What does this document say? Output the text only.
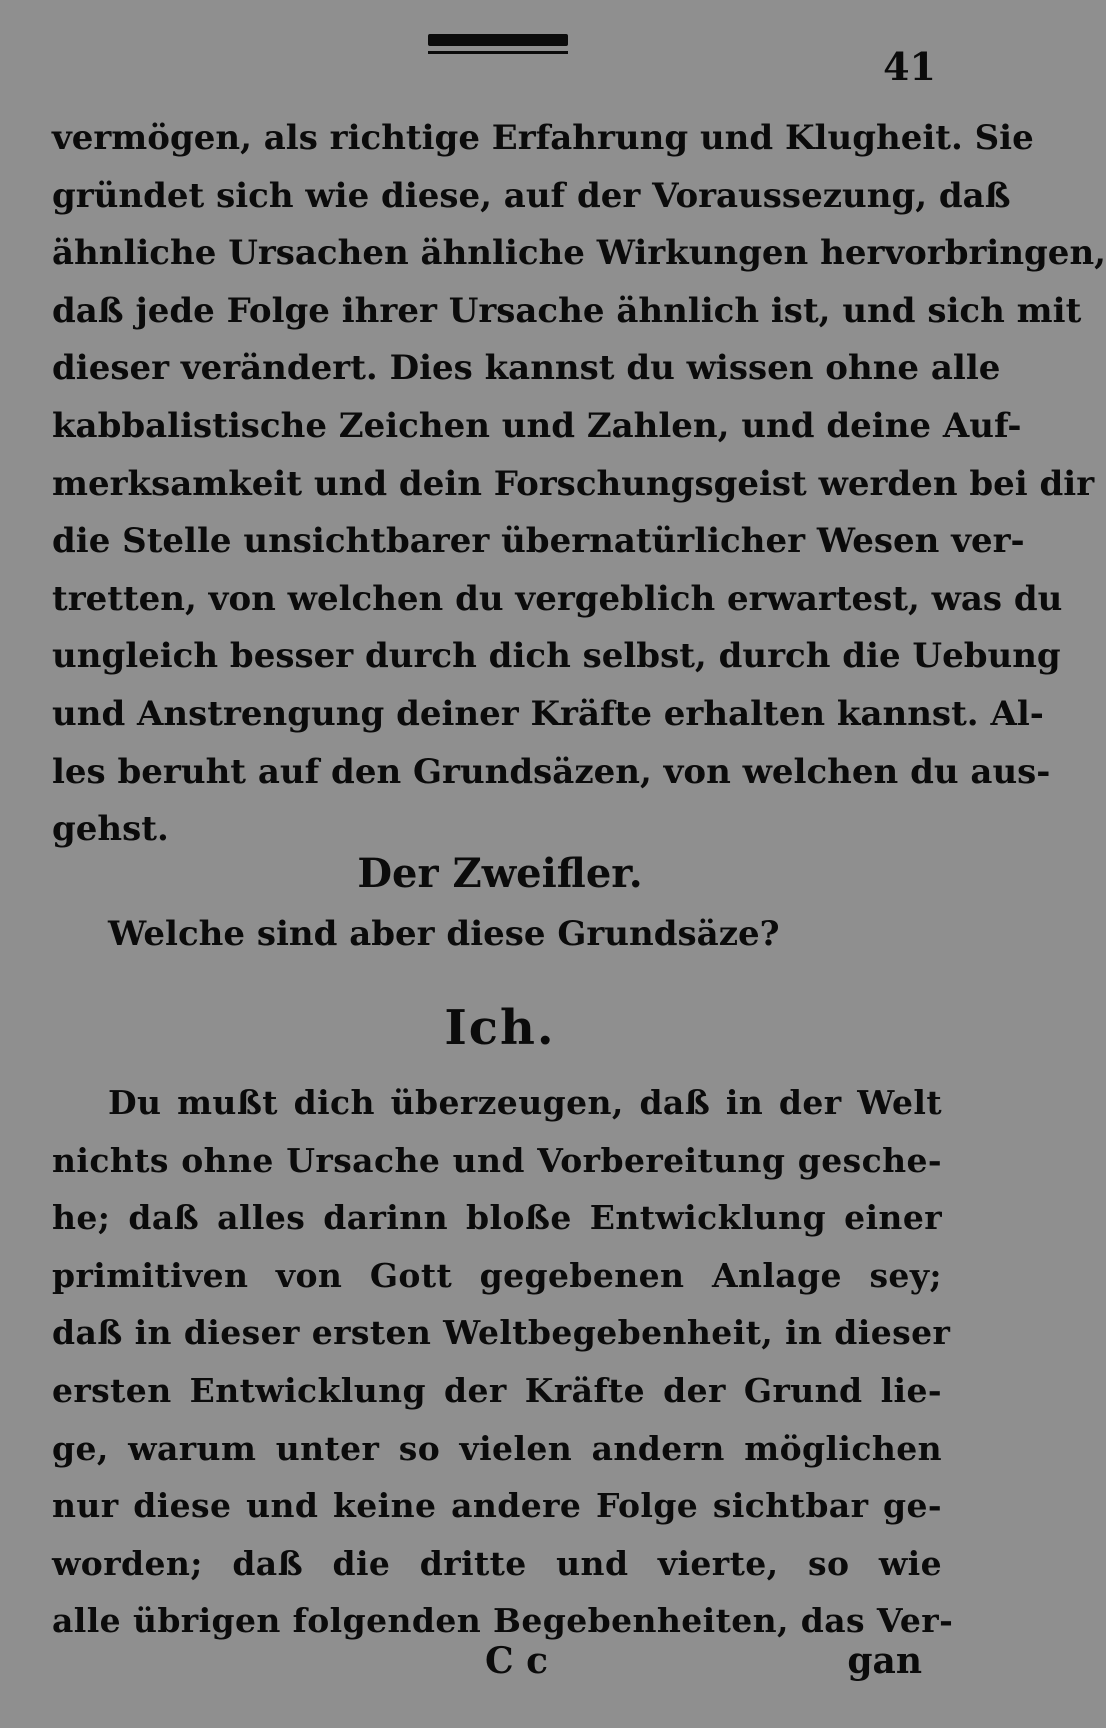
41
vermögen, als richtige Erfahrung und Klugheit. Sie
gründet sich wie diese, auf der Voraussezung, daß
ähnliche Ursachen ähnliche Wirkungen hervorbringen,
daß jede Folge ihrer Ursache ähnlich ist, und sich mit
dieser verändert. Dies kannst du wissen ohne alle
kabbalistische Zeichen und Zahlen, und deine Auf-
merksamkeit und dein Forschungsgeist werden bei dir
die Stelle unsichtbarer übernatürlicher Wesen ver-
tretten, von welchen du vergeblich erwartest, was du
ungleich besser durch dich selbst, durch die Uebung
und Anstrengung deiner Kräfte erhalten kannst. Al-
les beruht auf den Grundsäzen, von welchen du aus-
gehst.
Der Zweifler.
Welche sind aber diese Grundsäze?
Ich.
Du mußt dich überzeugen, daß in der Welt
nichts ohne Ursache und Vorbereitung gesche-
he; daß alles darinn bloße Entwicklung einer
primitiven von Gott gegebenen Anlage sey;
daß in dieser ersten Weltbegebenheit, in dieser
ersten Entwicklung der Kräfte der Grund lie-
ge, warum unter so vielen andern möglichen
nur diese und keine andere Folge sichtbar ge-
worden; daß die dritte und vierte, so wie
alle übrigen folgenden Begebenheiten, das Ver-
C c	gan
